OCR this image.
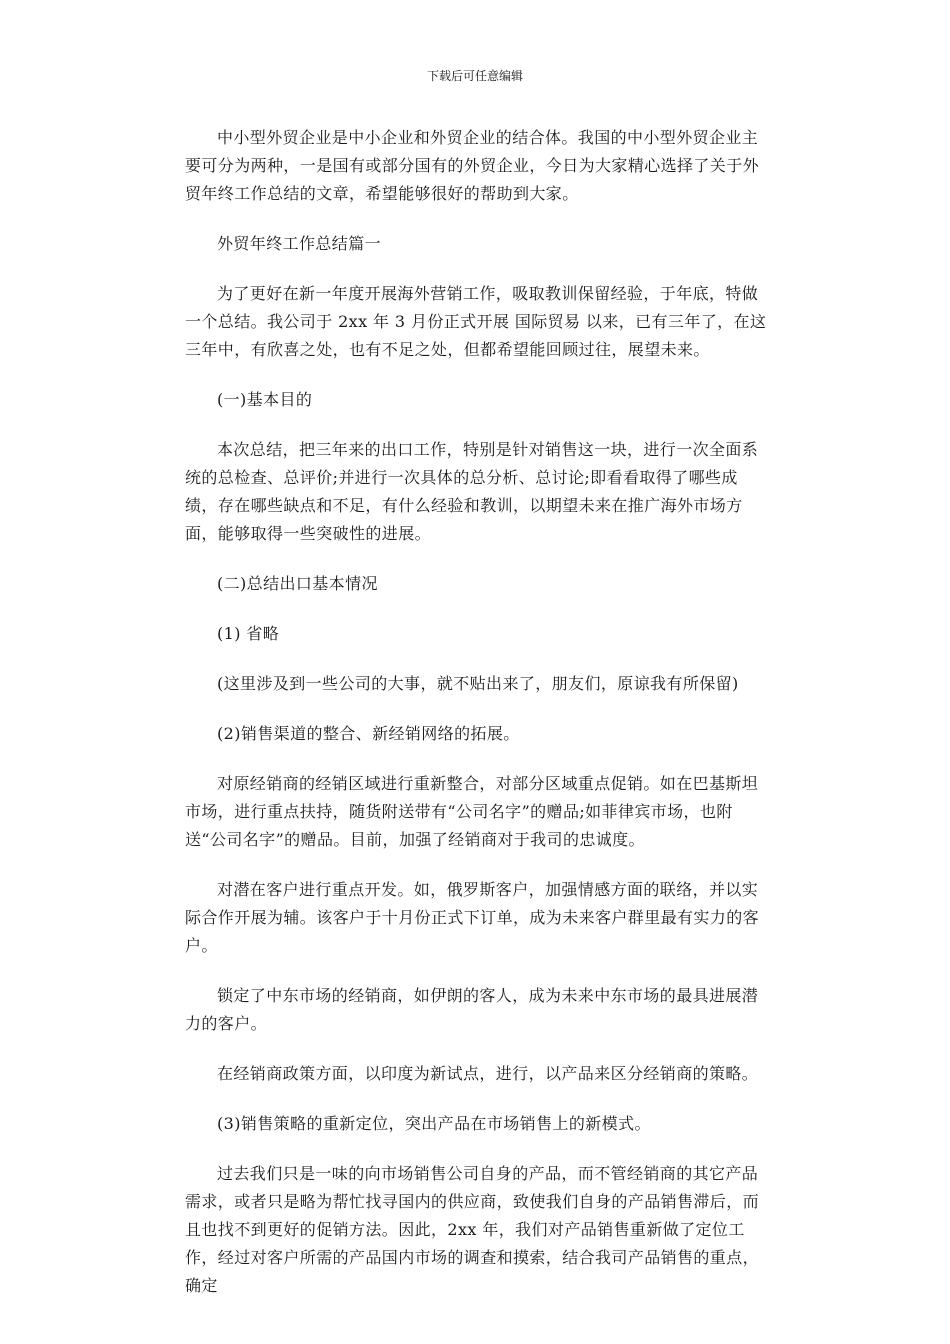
下载后可任意编辑

中小型外贸企业是中小企业和外贸企业的结合体。我国的中小型外贸企业主要可分为两种，一是国有或部分国有的外贸企业，今日为大家精心选择了关于外贸年终工作总结的文章，希望能够很好的帮助到大家。

外贸年终工作总结篇一

为了更好在新一年度开展海外营销工作，吸取教训保留经验，于年底，特做一个总结。我公司于 2xx 年 3 月份正式开展 国际贸易 以来，已有三年了，在这三年中，有欣喜之处，也有不足之处，但都希望能回顾过往，展望未来。

(一)基本目的

本次总结，把三年来的出口工作，特别是针对销售这一块，进行一次全面系统的总检查、总评价;并进行一次具体的总分析、总讨论;即看看取得了哪些成绩，存在哪些缺点和不足，有什么经验和教训，以期望未来在推广海外市场方面，能够取得一些突破性的进展。

(二)总结出口基本情况

(1) 省略

(这里涉及到一些公司的大事，就不贴出来了，朋友们，原谅我有所保留)

(2)销售渠道的整合、新经销网络的拓展。

对原经销商的经销区域进行重新整合，对部分区域重点促销。如在巴基斯坦市场，进行重点扶持，随货附送带有“公司名字”的赠品;如菲律宾市场，也附送“公司名字”的赠品。目前，加强了经销商对于我司的忠诚度。

对潜在客户进行重点开发。如，俄罗斯客户，加强情感方面的联络，并以实际合作开展为辅。该客户于十月份正式下订单，成为未来客户群里最有实力的客户。

锁定了中东市场的经销商，如伊朗的客人，成为未来中东市场的最具进展潜力的客户。

在经销商政策方面，以印度为新试点，进行，以产品来区分经销商的策略。

(3)销售策略的重新定位，突出产品在市场销售上的新模式。

过去我们只是一味的向市场销售公司自身的产品，而不管经销商的其它产品需求，或者只是略为帮忙找寻国内的供应商，致使我们自身的产品销售滞后，而且也找不到更好的促销方法。因此，2xx 年，我们对产品销售重新做了定位工作，经过对客户所需的产品国内市场的调查和摸索，结合我司产品销售的重点，确定
